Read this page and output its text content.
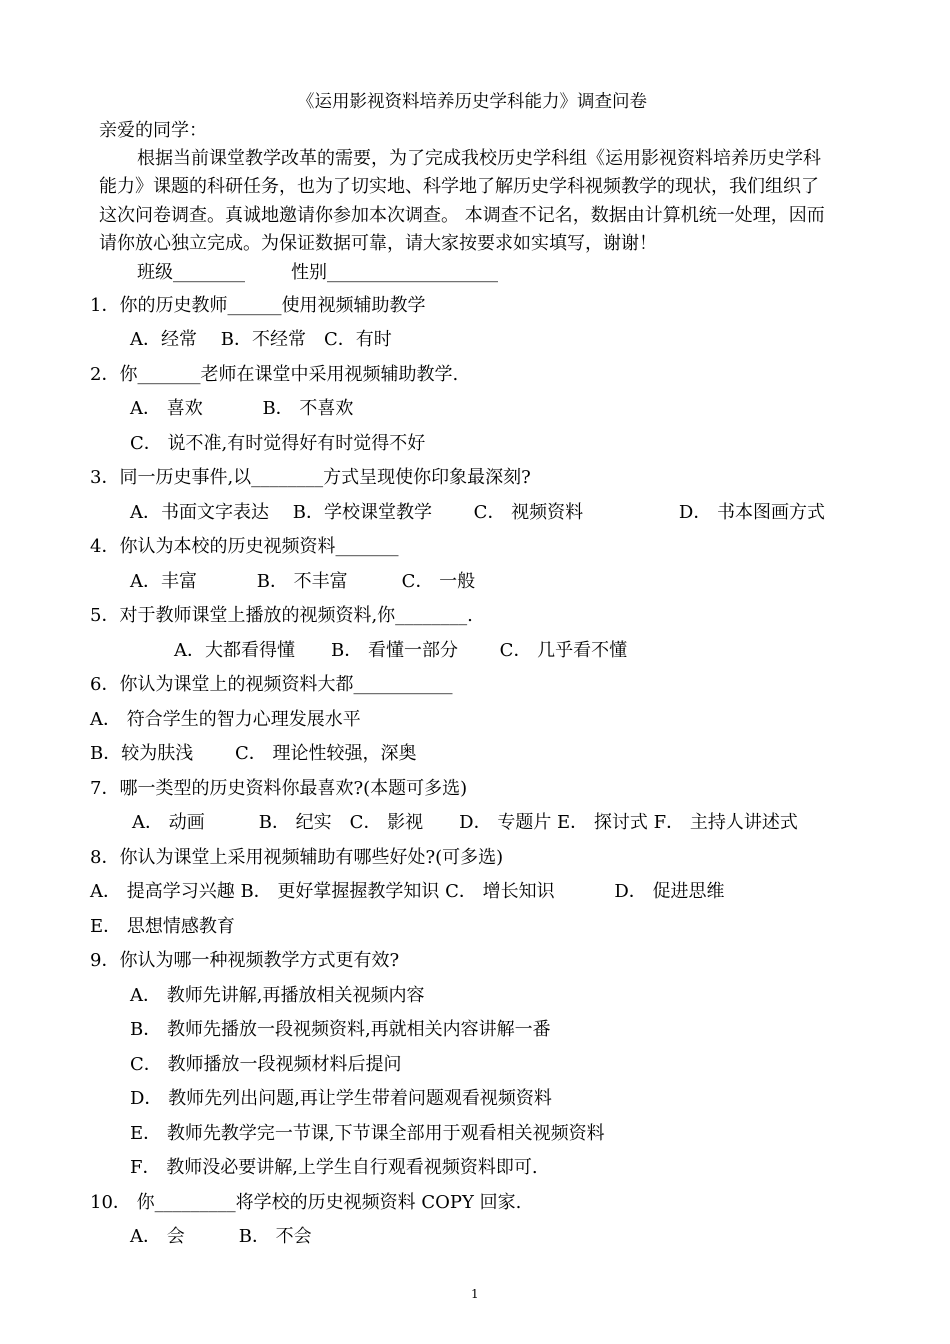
《运用影视资料培养历史学科能力》调查问卷
亲爱的同学：
根据当前课堂教学改革的需要，为了完成我校历史学科组《运用影视资料培养历史学科
能力》课题的科研任务，也为了切实地、科学地了解历史学科视频教学的现状，我们组织了
这次问卷调查。真诚地邀请你参加本次调查。 本调查不记名，数据由计算机统一处理，因而
请你放心独立完成。为保证数据可靠，请大家按要求如实填写，谢谢！
班级________	性别___________________
1．你的历史教师______使用视频辅助教学
A．经常　 B．不经常　C．有时
2．你_______老师在课堂中采用视频辅助教学.
A． 喜欢　　　 B． 不喜欢
C． 说不准,有时觉得好有时觉得不好
3．同一历史事件,以________方式呈现使你印象最深刻?
A．书面文字表达　 B．学校课堂教学　　 C． 视频资料　　　　　 D． 书本图画方式
4．你认为本校的历史视频资料_______
A．丰富　　　 B． 不丰富　　　C． 一般
5．对于教师课堂上播放的视频资料,你________.
A．大都看得懂　　B． 看懂一部分　　 C． 几乎看不懂
6．你认为课堂上的视频资料大都___________
A． 符合学生的智力心理发展水平
B．较为肤浅　　 C． 理论性较强，深奥
7．哪一类型的历史资料你最喜欢?(本题可多选)
A． 动画　　　B． 纪实　C． 影视　　D． 专题片 E． 探讨式 F． 主持人讲述式
8．你认为课堂上采用视频辅助有哪些好处?(可多选)
A． 提高学习兴趣 B． 更好掌握握教学知识 C． 增长知识　　　 D． 促进思维
E． 思想情感教育
9．你认为哪一种视频教学方式更有效?
A． 教师先讲解,再播放相关视频内容
B． 教师先播放一段视频资料,再就相关内容讲解一番
C． 教师播放一段视频材料后提问
D． 教师先列出问题,再让学生带着问题观看视频资料
E． 教师先教学完一节课,下节课全部用于观看相关视频资料
F． 教师没必要讲解,上学生自行观看视频资料即可.
10． 你_________将学校的历史视频资料 COPY 回家.
A． 会　　　B． 不会
1
